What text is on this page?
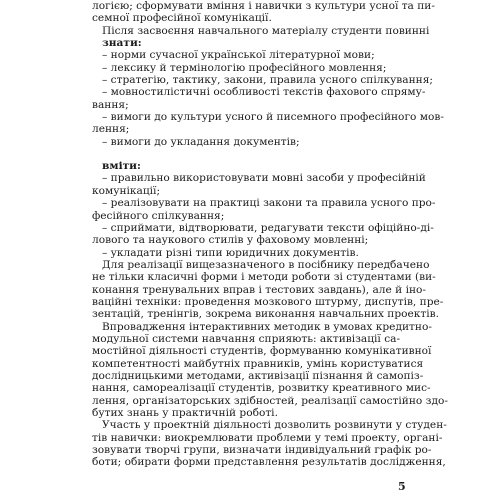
логією; сформувати вміння і навички з культури усної та пи-
семної професійної комунікації.
Після засвоєння навчального матеріалу студенти повинні
знати:
– норми сучасної української літературної мови;
– лексику й термінологію професійного мовлення;
– стратегію, тактику, закони, правила усного спілкування;
– мовностилістичні особливості текстів фахового спряму-
вання;
– вимоги до культури усного й писемного професійного мов-
лення;
– вимоги до укладання документів;
вміти:
– правильно використовувати мовні засоби у професійній
комунікації;
– реалізовувати на практиці закони та правила усного про-
фесійного спілкування;
– сприймати, відтворювати, редагувати тексти офіційно-ді-
лового та наукового стилів у фаховому мовленні;
– укладати різні типи юридичних документів.
Для реалізації вищезазначеного в посібнику передбачено
не тільки класичні форми і методи роботи зі студентами (ви-
конання тренувальних вправ і тестових завдань), але й іно-
ваційні техніки: проведення мозкового штурму, диспутів, пре-
зентацій, тренінгів, зокрема виконання навчальних проектів.
Впровадження інтерактивних методик в умовах кредитно-
модульної системи навчання сприяють: активізації са-
мостійної діяльності студентів, формуванню комунікативної
компетентності майбутніх правників, умінь користуватися
дослідницькими методами, активізації пізнання й самопіз-
нання, самореалізації студентів, розвитку креативного мис-
лення, організаторських здібностей, реалізації самостійно здо-
бутих знань у практичній роботі.
Участь у проектній діяльності дозволить розвинути у студен-
тів навички: виокремлювати проблеми у темі проекту, органі-
зовувати творчі групи, визначати індивідуальний графік ро-
боти; обирати форми представлення результатів дослідження,
5
